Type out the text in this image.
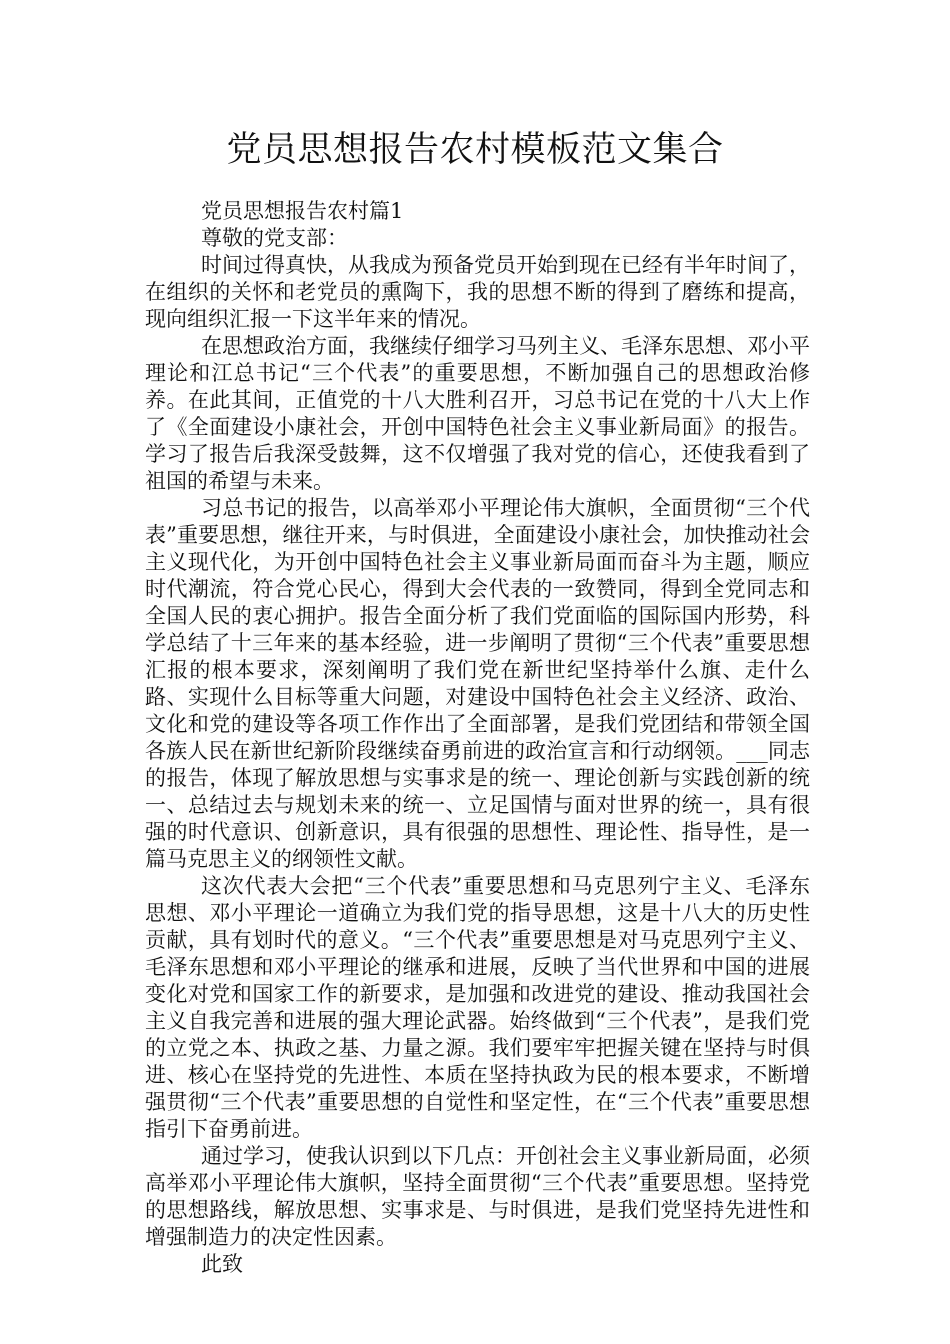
党员思想报告农村模板范文集合

党员思想报告农村篇1

尊敬的党支部：

时间过得真快，从我成为预备党员开始到现在已经有半年时间了，在组织的关怀和老党员的熏陶下，我的思想不断的得到了磨练和提高，现向组织汇报一下这半年来的情况。

在思想政治方面，我继续仔细学习马列主义、毛泽东思想、邓小平理论和江总书记“三个代表”的重要思想，不断加强自己的思想政治修养。在此其间，正值党的十八大胜利召开，习总书记在党的十八大上作了《全面建设小康社会，开创中国特色社会主义事业新局面》的报告。学习了报告后我深受鼓舞，这不仅增强了我对党的信心，还使我看到了祖国的希望与未来。

习总书记的报告，以高举邓小平理论伟大旗帜，全面贯彻“三个代表”重要思想，继往开来，与时俱进，全面建设小康社会，加快推动社会主义现代化，为开创中国特色社会主义事业新局面而奋斗为主题，顺应时代潮流，符合党心民心，得到大会代表的一致赞同，得到全党同志和全国人民的衷心拥护。报告全面分析了我们党面临的国际国内形势，科学总结了十三年来的基本经验，进一步阐明了贯彻“三个代表”重要思想汇报的根本要求，深刻阐明了我们党在新世纪坚持举什么旗、走什么路、实现什么目标等重大问题，对建设中国特色社会主义经济、政治、文化和党的建设等各项工作作出了全面部署，是我们党团结和带领全国各族人民在新世纪新阶段继续奋勇前进的政治宣言和行动纲领。___同志的报告，体现了解放思想与实事求是的统一、理论创新与实践创新的统一、总结过去与规划未来的统一、立足国情与面对世界的统一，具有很强的时代意识、创新意识，具有很强的思想性、理论性、指导性，是一篇马克思主义的纲领性文献。

这次代表大会把“三个代表”重要思想和马克思列宁主义、毛泽东思想、邓小平理论一道确立为我们党的指导思想，这是十八大的历史性贡献，具有划时代的意义。“三个代表”重要思想是对马克思列宁主义、毛泽东思想和邓小平理论的继承和进展，反映了当代世界和中国的进展变化对党和国家工作的新要求，是加强和改进党的建设、推动我国社会主义自我完善和进展的强大理论武器。始终做到“三个代表”，是我们党的立党之本、执政之基、力量之源。我们要牢牢把握关键在坚持与时俱进、核心在坚持党的先进性、本质在坚持执政为民的根本要求，不断增强贯彻“三个代表”重要思想的自觉性和坚定性，在“三个代表”重要思想指引下奋勇前进。

通过学习，使我认识到以下几点：开创社会主义事业新局面，必须高举邓小平理论伟大旗帜，坚持全面贯彻“三个代表”重要思想。坚持党的思想路线，解放思想、实事求是、与时俱进，是我们党坚持先进性和增强制造力的决定性因素。

此致
